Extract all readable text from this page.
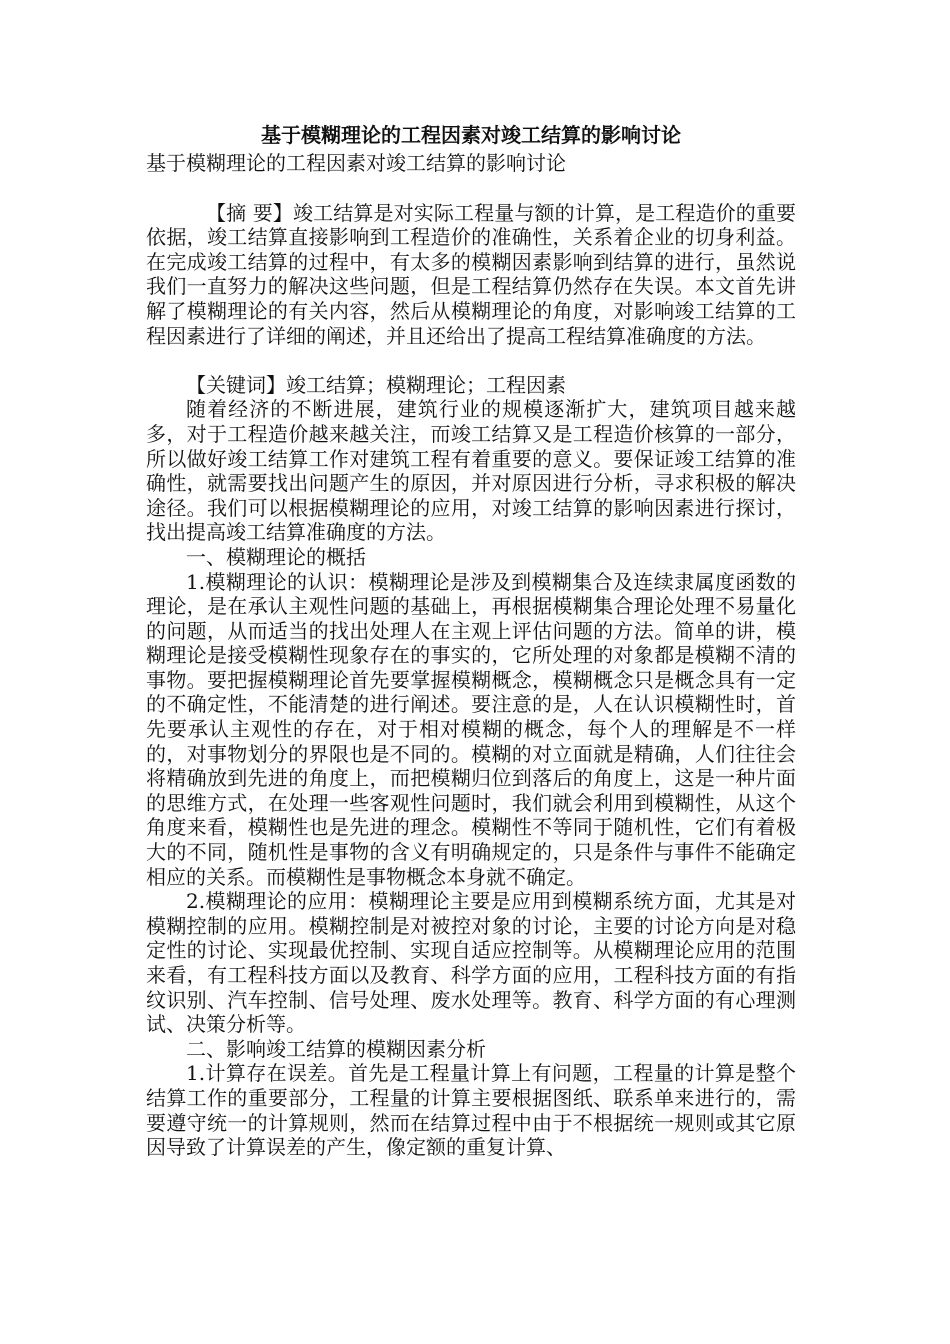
基于模糊理论的工程因素对竣工结算的影响讨论
基于模糊理论的工程因素对竣工结算的影响讨论

【摘 要】竣工结算是对实际工程量与额的计算，是工程造价的重要依据，竣工结算直接影响到工程造价的准确性，关系着企业的切身利益。在完成竣工结算的过程中，有太多的模糊因素影响到结算的进行，虽然说我们一直努力的解决这些问题，但是工程结算仍然存在失误。本文首先讲解了模糊理论的有关内容，然后从模糊理论的角度，对影响竣工结算的工程因素进行了详细的阐述，并且还给出了提高工程结算准确度的方法。

【关键词】竣工结算；模糊理论；工程因素

随着经济的不断进展，建筑行业的规模逐渐扩大，建筑项目越来越多，对于工程造价越来越关注，而竣工结算又是工程造价核算的一部分，所以做好竣工结算工作对建筑工程有着重要的意义。要保证竣工结算的准确性，就需要找出问题产生的原因，并对原因进行分析，寻求积极的解决途径。我们可以根据模糊理论的应用，对竣工结算的影响因素进行探讨，找出提高竣工结算准确度的方法。

一、模糊理论的概括

1.模糊理论的认识：模糊理论是涉及到模糊集合及连续隶属度函数的理论，是在承认主观性问题的基础上，再根据模糊集合理论处理不易量化的问题，从而适当的找出处理人在主观上评估问题的方法。简单的讲，模糊理论是接受模糊性现象存在的事实的，它所处理的对象都是模糊不清的事物。要把握模糊理论首先要掌握模糊概念，模糊概念只是概念具有一定的不确定性，不能清楚的进行阐述。要注意的是，人在认识模糊性时，首先要承认主观性的存在，对于相对模糊的概念，每个人的理解是不一样的，对事物划分的界限也是不同的。模糊的对立面就是精确，人们往往会将精确放到先进的角度上，而把模糊归位到落后的角度上，这是一种片面的思维方式，在处理一些客观性问题时，我们就会利用到模糊性，从这个角度来看，模糊性也是先进的理念。模糊性不等同于随机性，它们有着极大的不同，随机性是事物的含义有明确规定的，只是条件与事件不能确定相应的关系。而模糊性是事物概念本身就不确定。

2.模糊理论的应用：模糊理论主要是应用到模糊系统方面，尤其是对模糊控制的应用。模糊控制是对被控对象的讨论，主要的讨论方向是对稳定性的讨论、实现最优控制、实现自适应控制等。从模糊理论应用的范围来看，有工程科技方面以及教育、科学方面的应用，工程科技方面的有指纹识别、汽车控制、信号处理、废水处理等。教育、科学方面的有心理测试、决策分析等。

二、影响竣工结算的模糊因素分析

1.计算存在误差。首先是工程量计算上有问题，工程量的计算是整个结算工作的重要部分，工程量的计算主要根据图纸、联系单来进行的，需要遵守统一的计算规则，然而在结算过程中由于不根据统一规则或其它原因导致了计算误差的产生，像定额的重复计算、
